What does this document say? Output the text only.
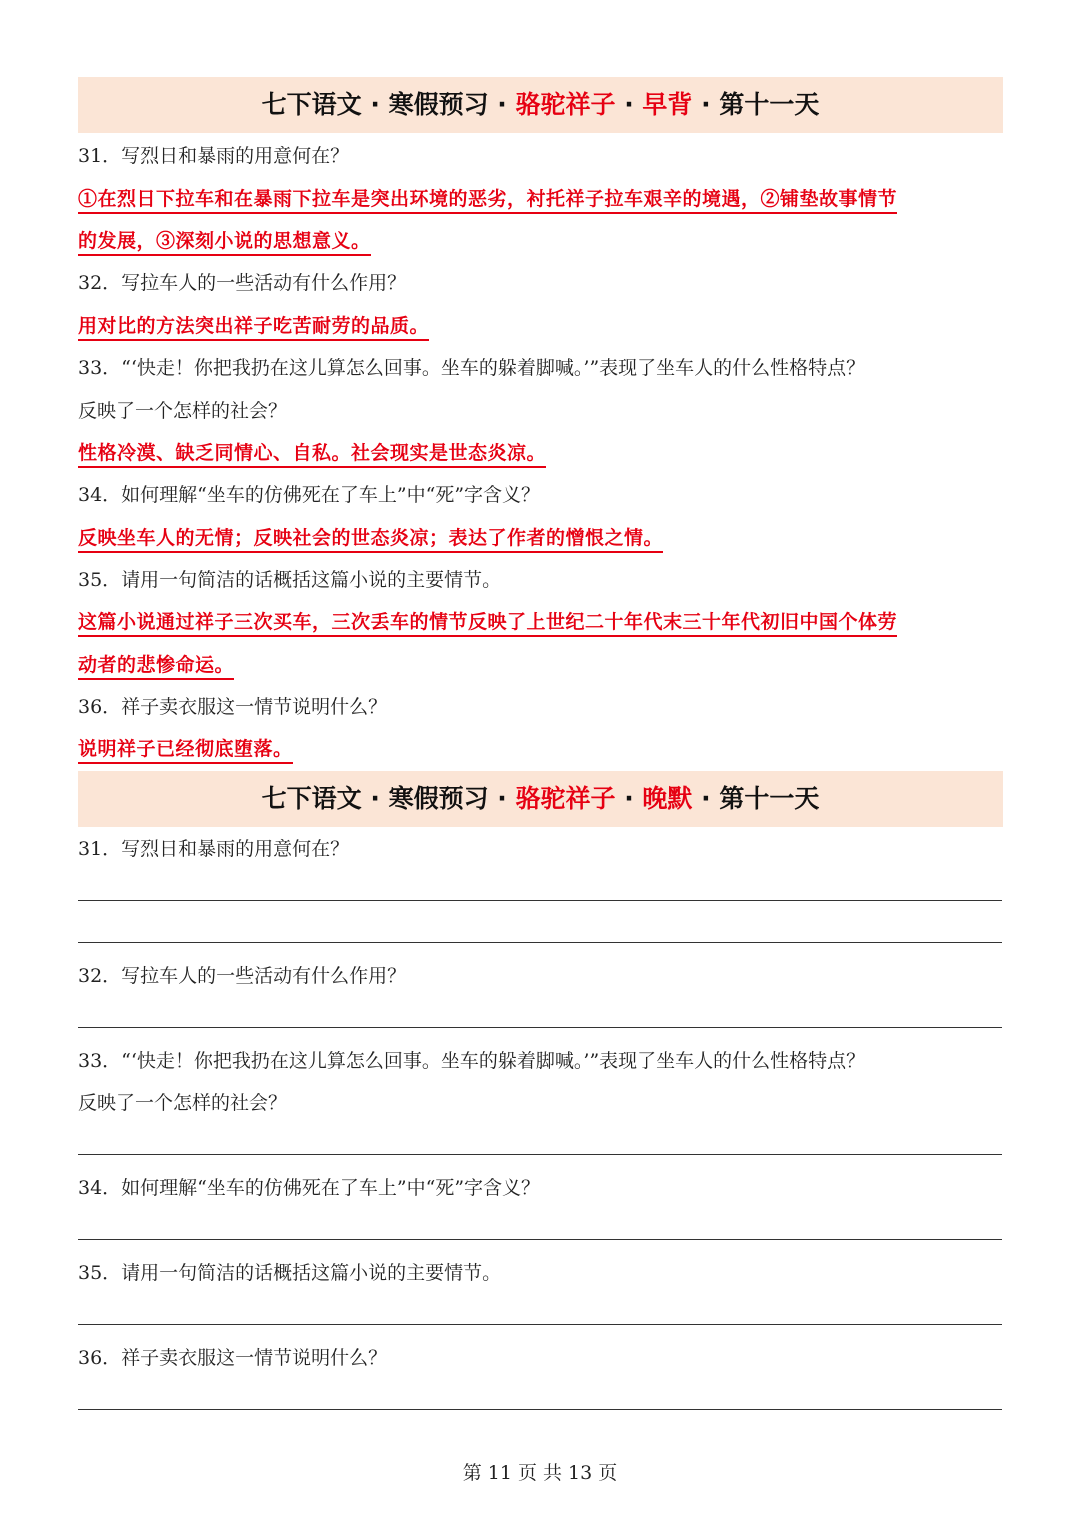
七下语文 · 寒假预习 · 骆驼祥子 · 早背 · 第十一天
31．写烈日和暴雨的用意何在？
①在烈日下拉车和在暴雨下拉车是突出环境的恶劣，衬托祥子拉车艰辛的境遇，②铺垫故事情节
的发展，③深刻小说的思想意义。
32．写拉车人的一些活动有什么作用？
用对比的方法突出祥子吃苦耐劳的品质。
33．“‘快走！你把我扔在这儿算怎么回事。坐车的躲着脚喊。’”表现了坐车人的什么性格特点？
反映了一个怎样的社会？
性格冷漠、缺乏同情心、自私。社会现实是世态炎凉。
34．如何理解“坐车的仿佛死在了车上”中“死”字含义？
反映坐车人的无情；反映社会的世态炎凉；表达了作者的憎恨之情。
35．请用一句简洁的话概括这篇小说的主要情节。
这篇小说通过祥子三次买车，三次丢车的情节反映了上世纪二十年代末三十年代初旧中国个体劳
动者的悲惨命运。
36．祥子卖衣服这一情节说明什么？
说明祥子已经彻底堕落。
七下语文 · 寒假预习 · 骆驼祥子 · 晚默 · 第十一天
31．写烈日和暴雨的用意何在？
32．写拉车人的一些活动有什么作用？
33．“‘快走！你把我扔在这儿算怎么回事。坐车的躲着脚喊。’”表现了坐车人的什么性格特点？
反映了一个怎样的社会？
34．如何理解“坐车的仿佛死在了车上”中“死”字含义？
35．请用一句简洁的话概括这篇小说的主要情节。
36．祥子卖衣服这一情节说明什么？
第 11 页 共 13 页
